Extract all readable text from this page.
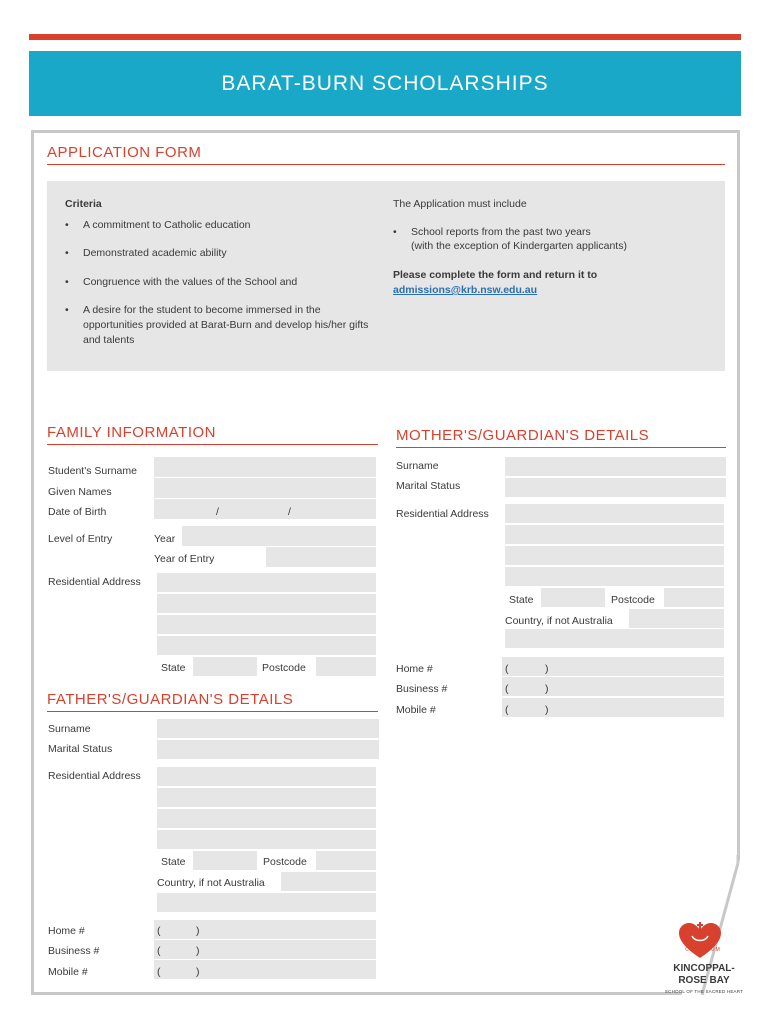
BARAT-BURN SCHOLARSHIPS
APPLICATION FORM
Criteria
• A commitment to Catholic education
• Demonstrated academic ability
• Congruence with the values of the School and
• A desire for the student to become immersed in the opportunities provided at Barat-Burn and develop his/her gifts and talents
The Application must include
• School reports from the past two years
(with the exception of Kindergarten applicants)
Please complete the form and return it to
admissions@krb.nsw.edu.au
FAMILY INFORMATION
Student's Surname
Given Names
Date of Birth	/	/
Level of Entry	Year
Year of Entry
Residential Address
State	Postcode
FATHER'S/GUARDIAN'S DETAILS
Surname
Marital Status
Residential Address
State	Postcode
Country, if not Australia
Home #	(	)
Business #	(	)
Mobile #	(	)
MOTHER'S/GUARDIAN'S DETAILS
Surname
Marital Status
Residential Address
State	Postcode
Country, if not Australia
Home #	(	)
Business #	(	)
Mobile #	(	)
COR UNUM
KINCOPPAL-
ROSE BAY
SCHOOL OF THE SACRED HEART
